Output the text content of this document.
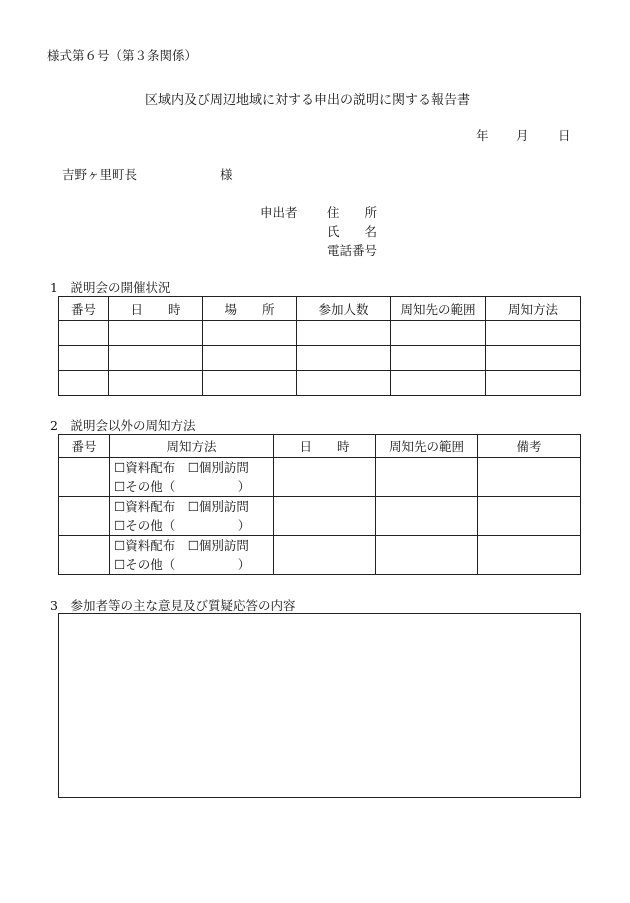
様式第６号（第３条関係）
区域内及び周辺地域に対する申出の説明に関する報告書
年 月 日
吉野ヶ里町長	様
申出者 住　　所
氏　　名
電話番号
1　説明会の開催状況
番号	日　　時	場　　所	参加人数	周知先の範囲	周知方法

2　説明会以外の周知方法
番号	周知方法	日　　時	周知先の範囲	備考

	☐資料配布　☐個別訪問
☐その他（　　　　　）			

	☐資料配布　☐個別訪問
☐その他（　　　　　）			

	☐資料配布　☐個別訪問
☐その他（　　　　　）			

3　参加者等の主な意見及び質疑応答の内容
